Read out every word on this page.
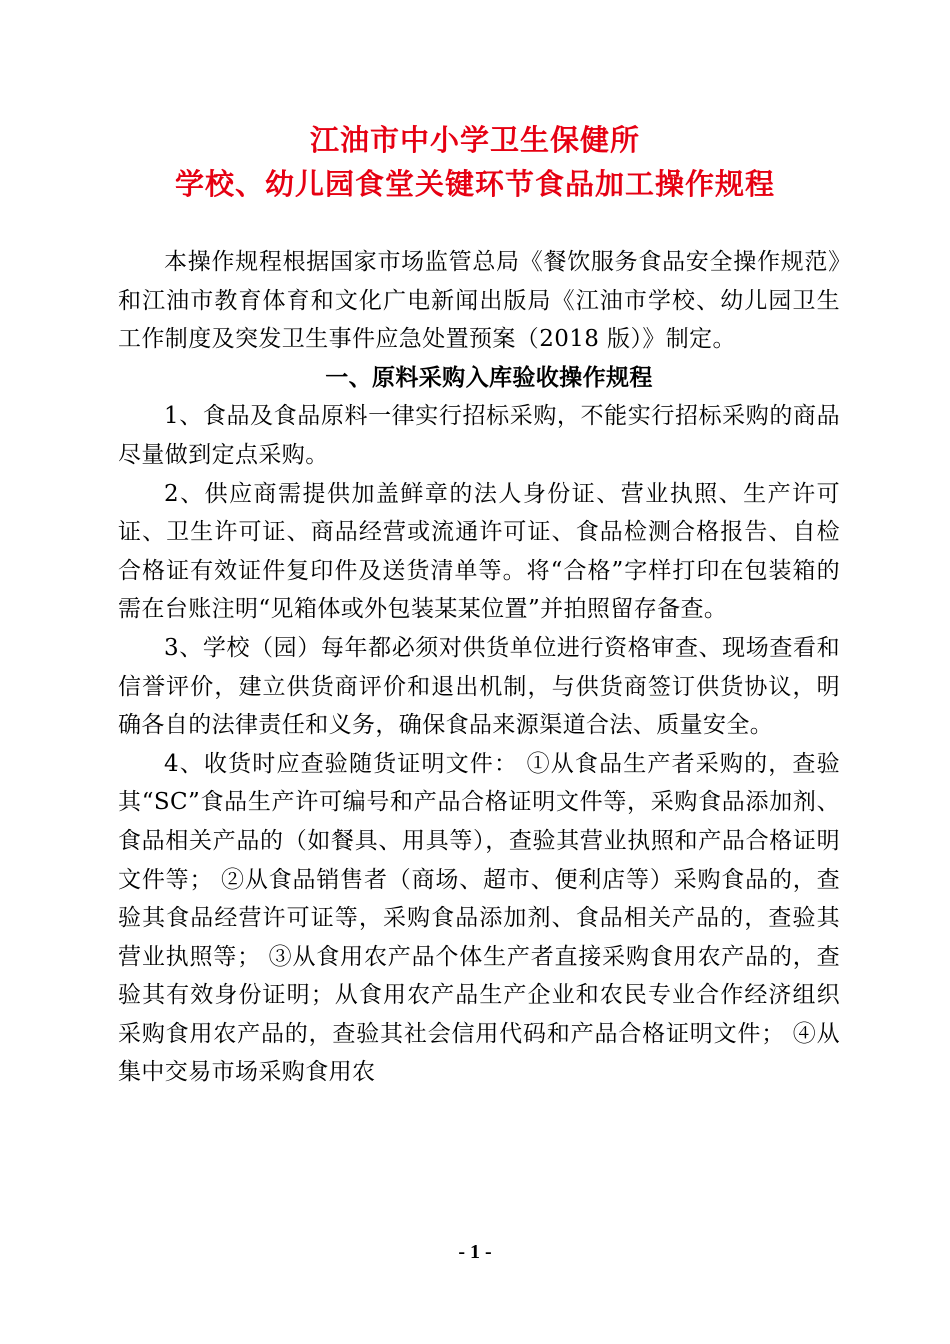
江油市中小学卫生保健所
学校、幼儿园食堂关键环节食品加工操作规程

本操作规程根据国家市场监管总局《餐饮服务食品安全操作规范》和江油市教育体育和文化广电新闻出版局《江油市学校、幼儿园卫生工作制度及突发卫生事件应急处置预案（2018 版）》制定。

一、原料采购入库验收操作规程

1、食品及食品原料一律实行招标采购，不能实行招标采购的商品尽量做到定点采购。

2、供应商需提供加盖鲜章的法人身份证、营业执照、生产许可证、卫生许可证、商品经营或流通许可证、食品检测合格报告、自检合格证有效证件复印件及送货清单等。将“合格”字样打印在包装箱的需在台账注明“见箱体或外包装某某位置”并拍照留存备查。

3、学校（园）每年都必须对供货单位进行资格审查、现场查看和信誉评价，建立供货商评价和退出机制，与供货商签订供货协议，明确各自的法律责任和义务，确保食品来源渠道合法、质量安全。

4、收货时应查验随货证明文件： ①从食品生产者采购的，查验其“SC”食品生产许可编号和产品合格证明文件等，采购食品添加剂、食品相关产品的（如餐具、用具等），查验其营业执照和产品合格证明文件等； ②从食品销售者（商场、超市、便利店等）采购食品的，查验其食品经营许可证等，采购食品添加剂、食品相关产品的，查验其营业执照等； ③从食用农产品个体生产者直接采购食用农产品的，查验其有效身份证明；从食用农产品生产企业和农民专业合作经济组织采购食用农产品的，查验其社会信用代码和产品合格证明文件； ④从集中交易市场采购食用农

- 1 -
